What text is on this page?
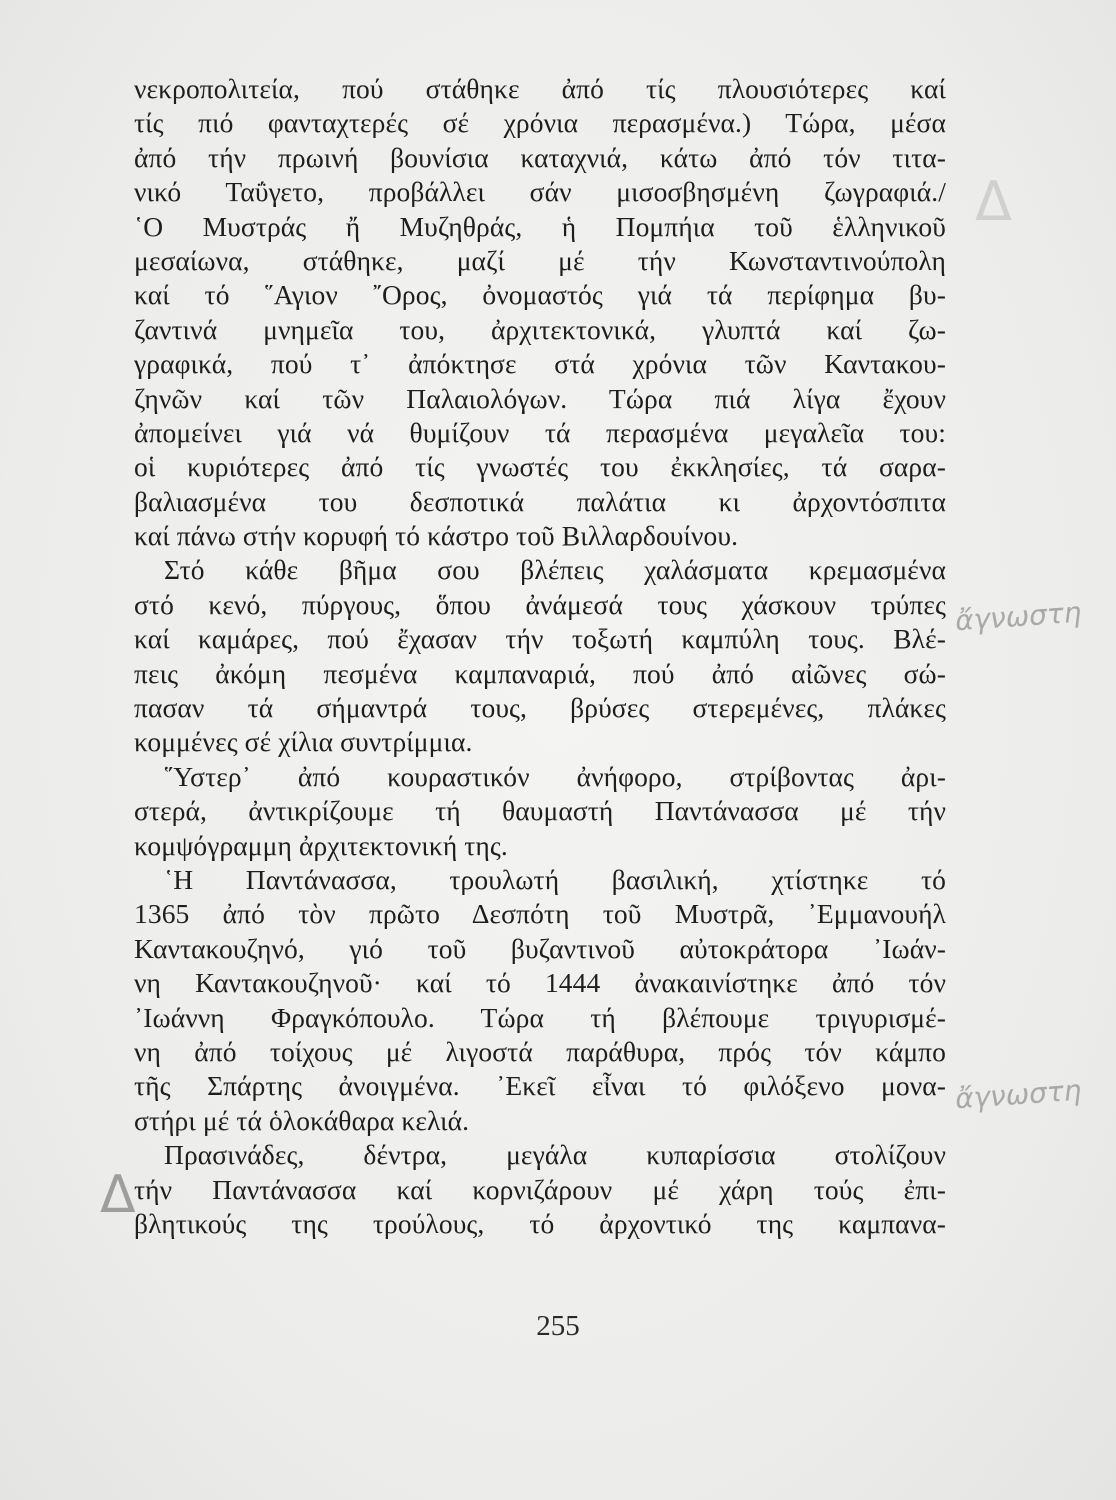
νεκροπολιτεία, πού στάθηκε ἀπό τίς πλουσιότερες καί
τίς πιό φανταχτερές σέ χρόνια περασμένα.) Τώρα, μέσα
ἀπό τήν πρωινή βουνίσια καταχνιά, κάτω ἀπό τόν τιτα-
νικό Ταΰγετο, προβάλλει σάν μισοσβησμένη ζωγραφιά./
῾Ο Μυστράς ἤ Μυζηθράς, ἡ Πομπήια τοῦ ἑλληνικοῦ
μεσαίωνα, στάθηκε, μαζί μέ τήν Κωνσταντινούπολη
καί τό ῞Αγιον ῎Ορος, ὀνομαστός γιά τά περίφημα βυ-
ζαντινά μνημεῖα του, ἀρχιτεκτονικά, γλυπτά καί ζω-
γραφικά, πού τ᾽ ἀπόκτησε στά χρόνια τῶν Καντακου-
ζηνῶν καί τῶν Παλαιολόγων. Τώρα πιά λίγα ἔχουν
ἀπομείνει γιά νά θυμίζουν τά περασμένα μεγαλεῖα του:
οἱ κυριότερες ἀπό τίς γνωστές του ἐκκλησίες, τά σαρα-
βαλιασμένα του δεσποτικά παλάτια κι ἀρχοντόσπιτα
καί πάνω στήν κορυφή τό κάστρο τοῦ Βιλλαρδουίνου.
Στό κάθε βῆμα σου βλέπεις χαλάσματα κρεμασμένα
στό κενό, πύργους, ὅπου ἀνάμεσά τους χάσκουν τρύπες
καί καμάρες, πού ἔχασαν τήν τοξωτή καμπύλη τους. Βλέ-
πεις ἀκόμη πεσμένα καμπαναριά, πού ἀπό αἰῶνες σώ-
πασαν τά σήμαντρά τους, βρύσες στερεμένες, πλάκες
κομμένες σέ χίλια συντρίμμια.
῞Υστερ᾽ ἀπό κουραστικόν ἀνήφορο, στρίβοντας ἀρι-
στερά, ἀντικρίζουμε τή θαυμαστή Παντάνασσα μέ τήν
κομψόγραμμη ἀρχιτεκτονική της.
῾Η Παντάνασσα, τρουλωτή βασιλική, χτίστηκε τό
1365 ἀπό τὸν πρῶτο Δεσπότη τοῦ Μυστρᾶ, ᾽Εμμανουήλ
Καντακουζηνό, γιό τοῦ βυζαντινοῦ αὐτοκράτορα ᾽Ιωάν-
νη Καντακουζηνοῦ· καί τό 1444 ἀνακαινίστηκε ἀπό τόν
᾽Ιωάννη Φραγκόπουλο. Τώρα τή βλέπουμε τριγυρισμέ-
νη ἀπό τοίχους μέ λιγοστά παράθυρα, πρός τόν κάμπο
τῆς Σπάρτης ἀνοιγμένα. ᾽Εκεῖ εἶναι τό φιλόξενο μονα-
στήρι μέ τά ὁλοκάθαρα κελιά.
Πρασινάδες, δέντρα, μεγάλα κυπαρίσσια στολίζουν
τήν Παντάνασσα καί κορνιζάρουν μέ χάρη τούς ἐπι-
βλητικούς της τρούλους, τό ἀρχοντικό της καμπανα-
255
ἄγνωστη
ἄγνωστη
Δ
Δ
